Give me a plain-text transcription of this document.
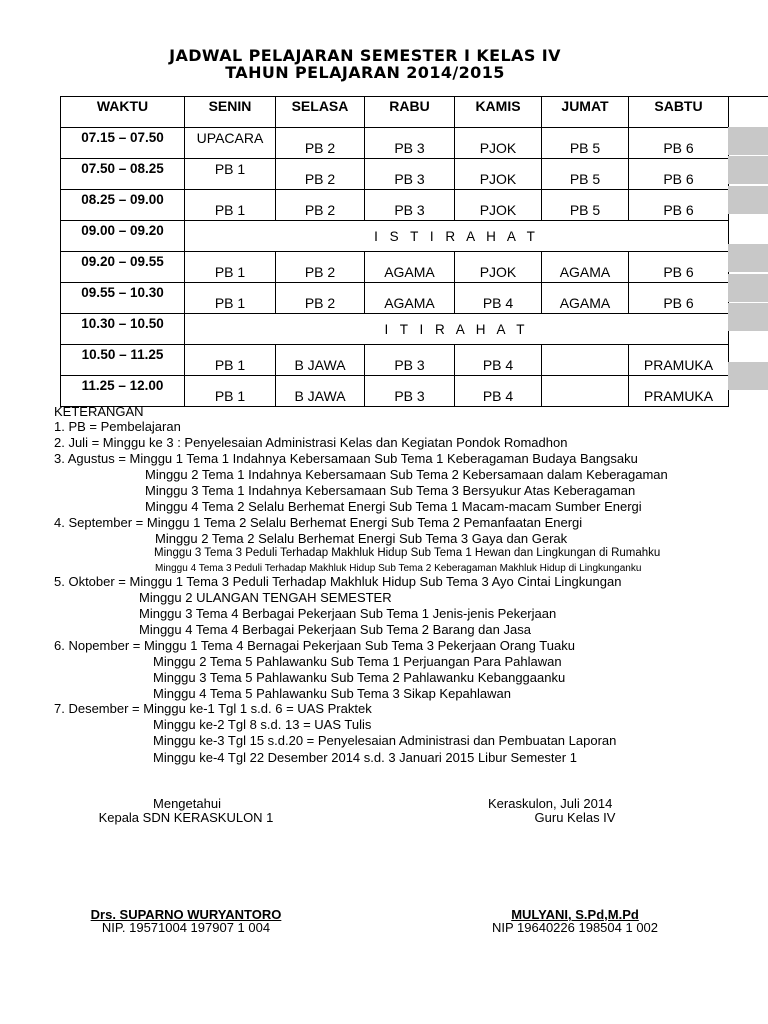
JADWAL PELAJARAN SEMESTER I KELAS IV
TAHUN PELAJARAN 2014/2015
WAKTU	SENIN	SELASA	RABU	KAMIS	JUMAT	SABTU
07.15 – 07.50	UPACARA	PB 2	PB 3	PJOK	PB 5	PB 6
07.50 – 08.25	PB 1	PB 2	PB 3	PJOK	PB 5	PB 6
08.25 – 09.00	PB 1	PB 2	PB 3	PJOK	PB 5	PB 6
09.00 – 09.20	I S T I R A H A T					
09.20 – 09.55	PB 1	PB 2	AGAMA	PJOK	AGAMA	PB 6
09.55 – 10.30	PB 1	PB 2	AGAMA	PB 4	AGAMA	PB 6
10.30 – 10.50	I T I R A H A T					
10.50 – 11.25	PB 1	B JAWA	PB 3	PB 4		PRAMUKA
11.25 – 12.00	PB 1	B JAWA	PB 3	PB 4		PRAMUKA
KETERANGAN
1. PB = Pembelajaran
2. Juli = Minggu ke 3 : Penyelesaian Administrasi Kelas dan Kegiatan Pondok Romadhon
3. Agustus = Minggu 1 Tema 1 Indahnya Kebersamaan Sub Tema 1 Keberagaman Budaya Bangsaku
Minggu 2 Tema 1 Indahnya Kebersamaan Sub Tema 2 Kebersamaan dalam Keberagaman
Minggu 3 Tema 1 Indahnya Kebersamaan Sub Tema 3 Bersyukur Atas Keberagaman
Minggu 4 Tema 2 Selalu Berhemat Energi Sub Tema 1 Macam-macam Sumber Energi
4. September = Minggu 1 Tema 2 Selalu Berhemat Energi Sub Tema 2 Pemanfaatan Energi
Minggu 2 Tema 2 Selalu Berhemat Energi Sub Tema 3 Gaya dan Gerak
Minggu 3 Tema 3 Peduli Terhadap Makhluk Hidup Sub Tema 1 Hewan dan Lingkungan di Rumahku
Minggu 4 Tema 3 Peduli Terhadap Makhluk Hidup Sub Tema 2 Keberagaman Makhluk Hidup di Lingkunganku
5. Oktober = Minggu 1 Tema 3 Peduli Terhadap Makhluk Hidup Sub Tema 3 Ayo Cintai Lingkungan
Minggu 2 ULANGAN TENGAH SEMESTER
Minggu 3 Tema 4 Berbagai Pekerjaan Sub Tema 1 Jenis-jenis Pekerjaan
Minggu 4 Tema 4 Berbagai Pekerjaan Sub Tema 2 Barang dan Jasa
6. Nopember = Minggu 1 Tema 4 Bernagai Pekerjaan Sub Tema 3 Pekerjaan Orang Tuaku
Minggu 2 Tema 5 Pahlawanku Sub Tema 1 Perjuangan Para Pahlawan
Minggu 3 Tema 5 Pahlawanku Sub Tema 2 Pahlawanku Kebanggaanku
Minggu 4 Tema 5 Pahlawanku Sub Tema 3 Sikap Kepahlawan
7. Desember = Minggu ke-1 Tgl 1 s.d. 6 = UAS Praktek
Minggu ke-2 Tgl 8 s.d. 13 = UAS Tulis
Minggu ke-3 Tgl 15 s.d.20 = Penyelesaian Administrasi dan Pembuatan Laporan
Minggu ke-4 Tgl 22 Desember 2014 s.d. 3 Januari 2015 Libur Semester 1
Mengetahui
Kepala SDN KERASKULON 1
Drs. SUPARNO WURYANTORO
NIP. 19571004 197907 1 004
Keraskulon, Juli 2014
Guru Kelas IV
MULYANI, S.Pd,M.Pd
NIP 19640226 198504 1 002
